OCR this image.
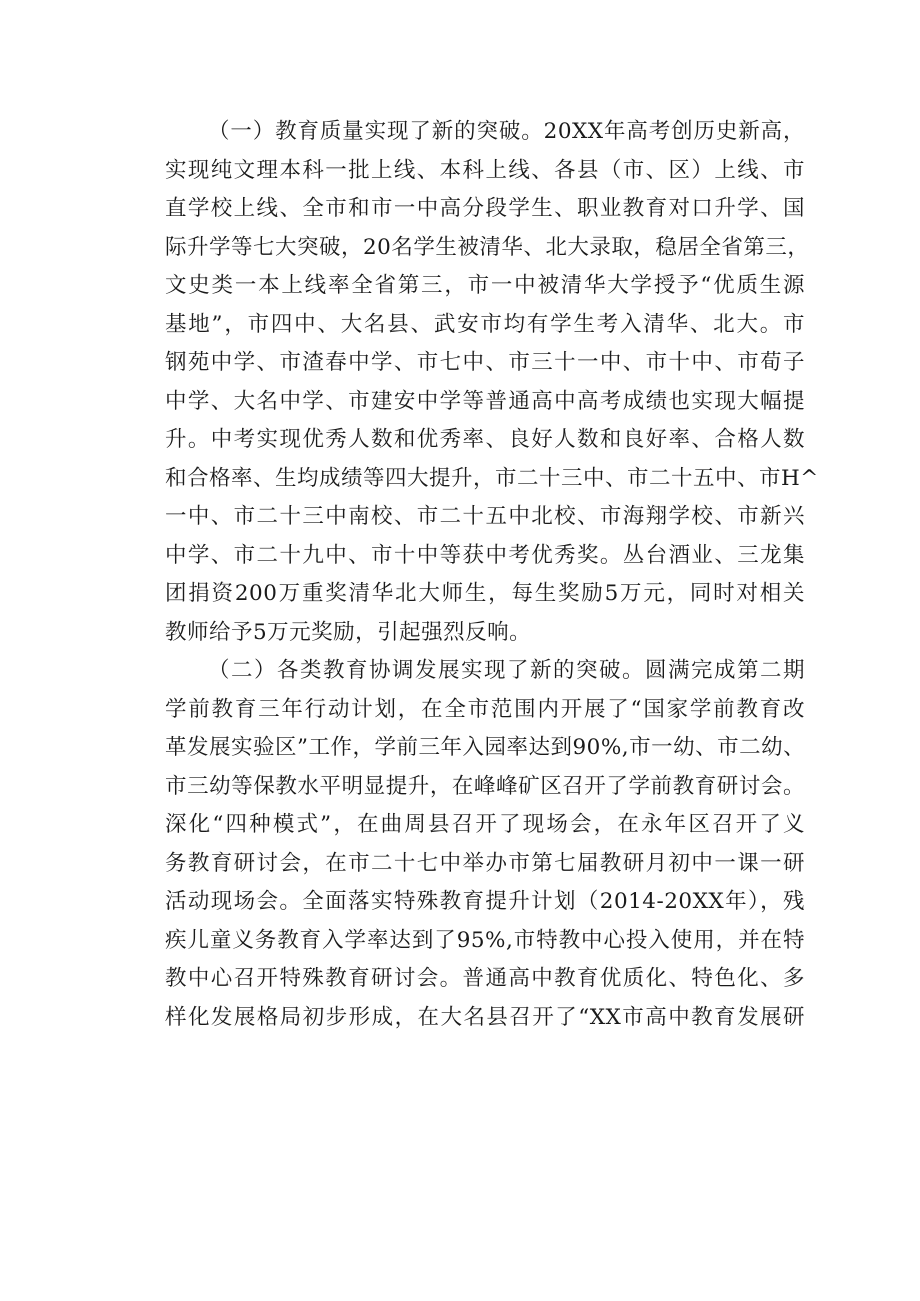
（一）教育质量实现了新的突破。20XX年高考创历史新高，
实现纯文理本科一批上线、本科上线、各县（市、区）上线、市
直学校上线、全市和市一中高分段学生、职业教育对口升学、国
际升学等七大突破，20名学生被清华、北大录取，稳居全省第三，
文史类一本上线率全省第三，市一中被清华大学授予“优质生源
基地”，市四中、大名县、武安市均有学生考入清华、北大。市
钢苑中学、市渣春中学、市七中、市三十一中、市十中、市荀子
中学、大名中学、市建安中学等普通高中高考成绩也实现大幅提
升。中考实现优秀人数和优秀率、良好人数和良好率、合格人数
和合格率、生均成绩等四大提升，市二十三中、市二十五中、市H^
一中、市二十三中南校、市二十五中北校、市海翔学校、市新兴
中学、市二十九中、市十中等获中考优秀奖。丛台酒业、三龙集
团捐资200万重奖清华北大师生，每生奖励5万元，同时对相关
教师给予5万元奖励，引起强烈反响。
（二）各类教育协调发展实现了新的突破。圆满完成第二期
学前教育三年行动计划，在全市范围内开展了“国家学前教育改
革发展实验区”工作，学前三年入园率达到90%,市一幼、市二幼、
市三幼等保教水平明显提升，在峰峰矿区召开了学前教育研讨会。
深化“四种模式”，在曲周县召开了现场会，在永年区召开了义
务教育研讨会，在市二十七中举办市第七届教研月初中一课一研
活动现场会。全面落实特殊教育提升计划（2014-20XX年），残
疾儿童义务教育入学率达到了95%,市特教中心投入使用，并在特
教中心召开特殊教育研讨会。普通高中教育优质化、特色化、多
样化发展格局初步形成，在大名县召开了“XX市高中教育发展研
